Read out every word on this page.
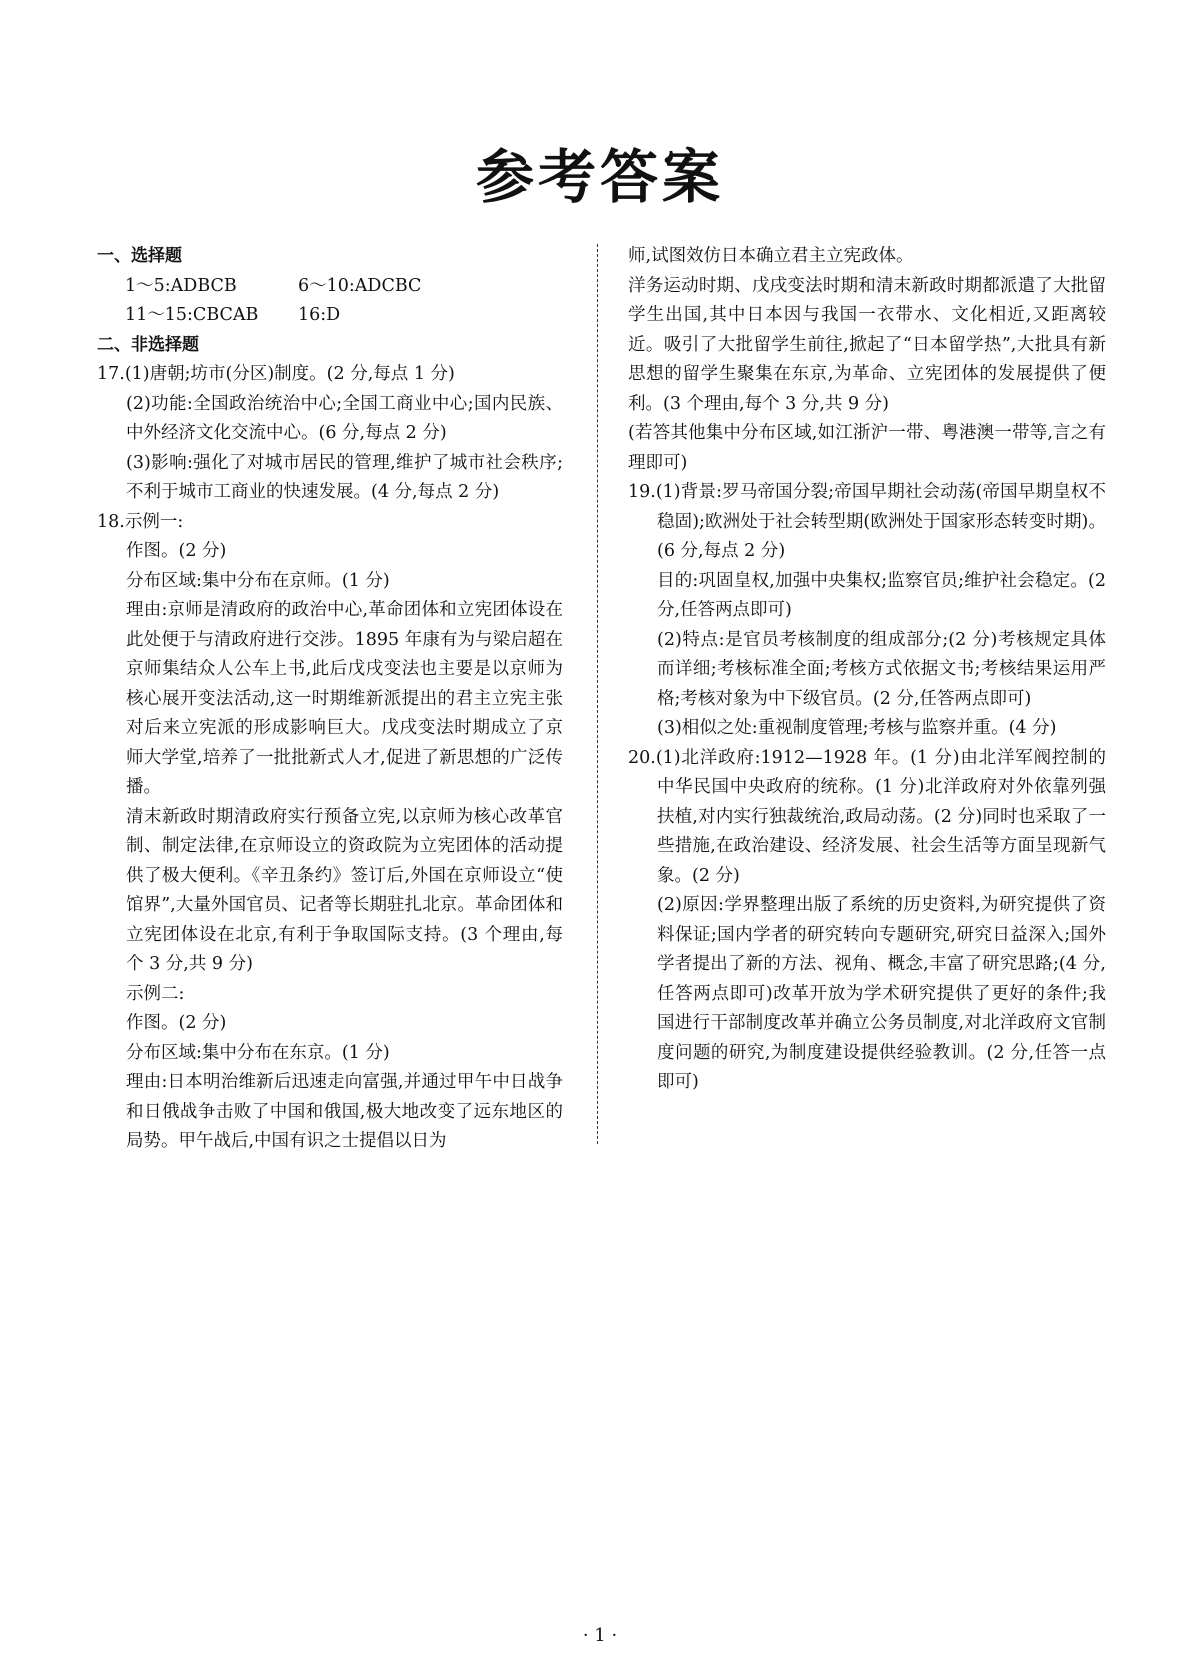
参考答案
一、选择题
1～5:ADBCB	6～10:ADCBC
11～15:CBCAB	16:D
二、非选择题

17.(1)唐朝;坊市(分区)制度。(2 分,每点 1 分)

(2)功能:全国政治统治中心;全国工商业中心;国内民族、中外经济文化交流中心。(6 分,每点 2 分)

(3)影响:强化了对城市居民的管理,维护了城市社会秩序;不利于城市工商业的快速发展。(4 分,每点 2 分)

18.示例一:

作图。(2 分)

分布区域:集中分布在京师。(1 分)

理由:京师是清政府的政治中心,革命团体和立宪团体设在此处便于与清政府进行交涉。1895 年康有为与梁启超在京师集结众人公车上书,此后戊戌变法也主要是以京师为核心展开变法活动,这一时期维新派提出的君主立宪主张对后来立宪派的形成影响巨大。戊戌变法时期成立了京师大学堂,培养了一批批新式人才,促进了新思想的广泛传播。

清末新政时期清政府实行预备立宪,以京师为核心改革官制、制定法律,在京师设立的资政院为立宪团体的活动提供了极大便利。《辛丑条约》签订后,外国在京师设立“使馆界”,大量外国官员、记者等长期驻扎北京。革命团体和立宪团体设在北京,有利于争取国际支持。(3 个理由,每个 3 分,共 9 分)

示例二:

作图。(2 分)

分布区域:集中分布在东京。(1 分)

理由:日本明治维新后迅速走向富强,并通过甲午中日战争和日俄战争击败了中国和俄国,极大地改变了远东地区的局势。甲午战后,中国有识之士提倡以日为

师,试图效仿日本确立君主立宪政体。

洋务运动时期、戊戌变法时期和清末新政时期都派遣了大批留学生出国,其中日本因与我国一衣带水、文化相近,又距离较近。吸引了大批留学生前往,掀起了“日本留学热”,大批具有新思想的留学生聚集在东京,为革命、立宪团体的发展提供了便利。(3 个理由,每个 3 分,共 9 分)

(若答其他集中分布区域,如江浙沪一带、粤港澳一带等,言之有理即可)

19.(1)背景:罗马帝国分裂;帝国早期社会动荡(帝国早期皇权不稳固);欧洲处于社会转型期(欧洲处于国家形态转变时期)。(6 分,每点 2 分)

目的:巩固皇权,加强中央集权;监察官员;维护社会稳定。(2 分,任答两点即可)

(2)特点:是官员考核制度的组成部分;(2 分)考核规定具体而详细;考核标准全面;考核方式依据文书;考核结果运用严格;考核对象为中下级官员。(2 分,任答两点即可)

(3)相似之处:重视制度管理;考核与监察并重。(4 分)

20.(1)北洋政府:1912—1928 年。(1 分)由北洋军阀控制的中华民国中央政府的统称。(1 分)北洋政府对外依靠列强扶植,对内实行独裁统治,政局动荡。(2 分)同时也采取了一些措施,在政治建设、经济发展、社会生活等方面呈现新气象。(2 分)

(2)原因:学界整理出版了系统的历史资料,为研究提供了资料保证;国内学者的研究转向专题研究,研究日益深入;国外学者提出了新的方法、视角、概念,丰富了研究思路;(4 分,任答两点即可)改革开放为学术研究提供了更好的条件;我国进行干部制度改革并确立公务员制度,对北洋政府文官制度问题的研究,为制度建设提供经验教训。(2 分,任答一点即可)

· 1 ·
